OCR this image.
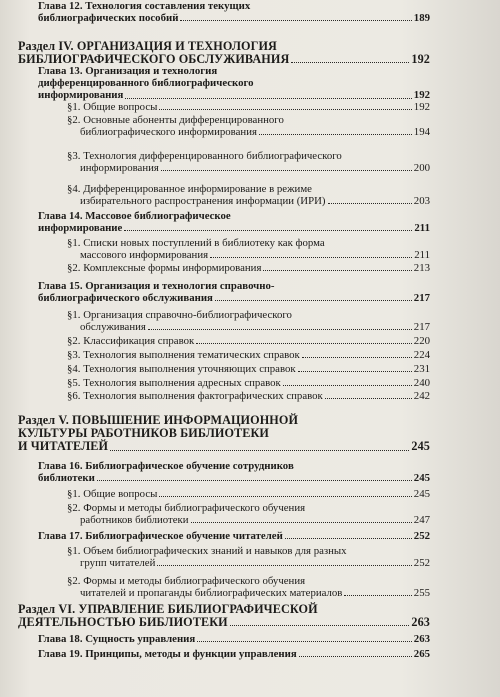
Глава 12. Технология составления текущих
библиографических пособий	189
Раздел IV. ОРГАНИЗАЦИЯ И ТЕХНОЛОГИЯ
БИБЛИОГРАФИЧЕСКОГО ОБСЛУЖИВАНИЯ	192
Глава 13. Организация и технология
дифференцированного библиографического
информирования	192
§1. Общие вопросы	192
§2. Основные абоненты дифференцированного
библиографического информирования	194
§3. Технология дифференцированного библиографического
информирования	200
§4. Дифференцированное информирование в режиме
избирательного распространения информации (ИРИ)	203
Глава 14. Массовое библиографическое
информирование	211
§1. Списки новых поступлений в библиотеку как форма
массового информирования	211
§2. Комплексные формы информирования	213
Глава 15. Организация и технология справочно-
библиографического обслуживания	217
§1. Организация справочно-библиографического
обслуживания	217
§2. Классификация справок	220
§3. Технология выполнения тематических справок	224
§4. Технология выполнения уточняющих справок	231
§5. Технология выполнения адресных справок	240
§6. Технология выполнения фактографических справок	242
Раздел V. ПОВЫШЕНИЕ ИНФОРМАЦИОННОЙ
КУЛЬТУРЫ РАБОТНИКОВ БИБЛИОТЕКИ
И ЧИТАТЕЛЕЙ	245
Глава 16. Библиографическое обучение сотрудников
библиотеки	245
§1. Общие вопросы	245
§2. Формы и методы библиографического обучения
работников библиотеки	247
Глава 17. Библиографическое обучение читателей	252
§1. Объем библиографических знаний и навыков для разных
групп читателей	252
§2. Формы и методы библиографического обучения
читателей и пропаганды библиографических материалов	255
Раздел VI. УПРАВЛЕНИЕ БИБЛИОГРАФИЧЕСКОЙ
ДЕЯТЕЛЬНОСТЬЮ БИБЛИОТЕКИ	263
Глава 18. Сущность управления	263
Глава 19. Принципы, методы и функции управления	265
